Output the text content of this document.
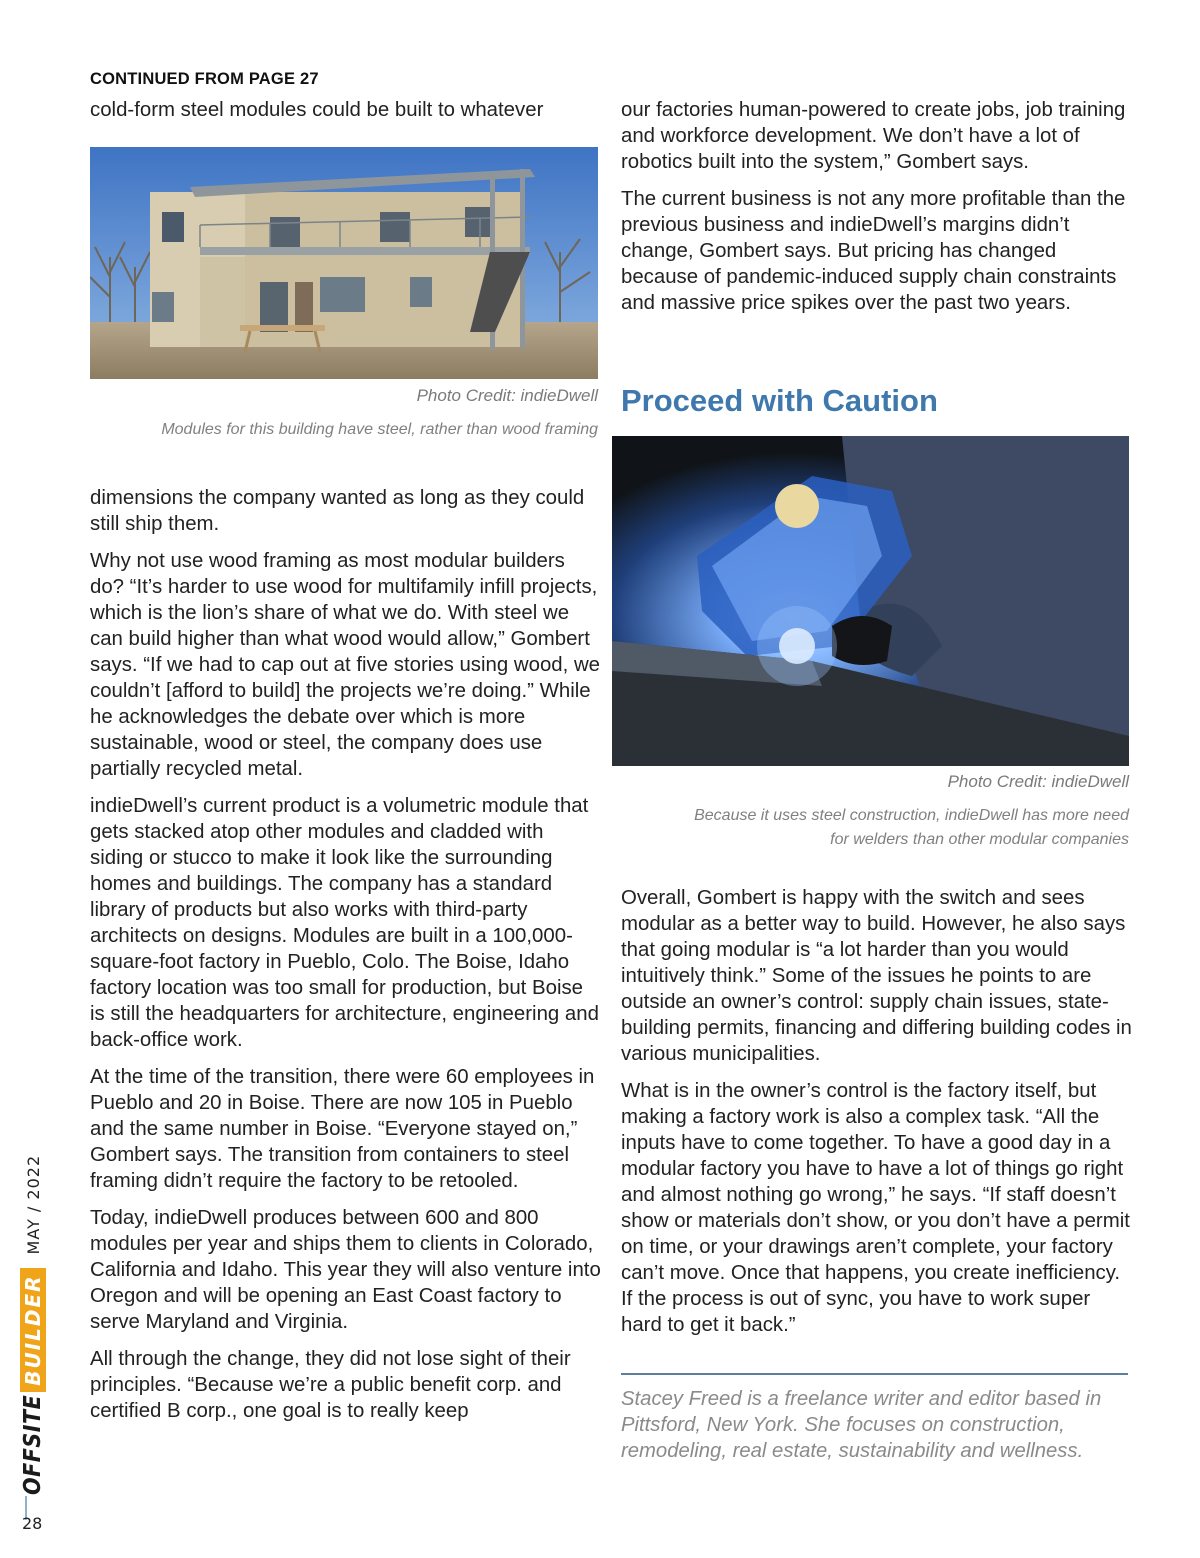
CONTINUED FROM PAGE 27

cold-form steel modules could be built to whatever

Photo Credit: indieDwell
Modules for this building have steel, rather than wood framing

dimensions the company wanted as long as they could still ship them.

Why not use wood framing as most modular builders do? “It’s harder to use wood for multifamily infill projects, which is the lion’s share of what we do. With steel we can build higher than what wood would allow,” Gombert says. “If we had to cap out at five stories using wood, we couldn’t [afford to build] the projects we’re doing.” While he acknowledges the debate over which is more sustainable, wood or steel, the company does use partially recycled metal.

indieDwell’s current product is a volumetric module that gets stacked atop other modules and cladded with siding or stucco to make it look like the surrounding homes and buildings. The company has a standard library of products but also works with third-party architects on designs. Modules are built in a 100,000-square-foot factory in Pueblo, Colo. The Boise, Idaho factory location was too small for production, but Boise is still the headquarters for architecture, engineering and back-office work.

At the time of the transition, there were 60 employees in Pueblo and 20 in Boise. There are now 105 in Pueblo and the same number in Boise. “Everyone stayed on,” Gombert says. The transition from containers to steel framing didn’t require the factory to be retooled.

Today, indieDwell produces between 600 and 800 modules per year and ships them to clients in Colorado, California and Idaho. This year they will also venture into Oregon and will be opening an East Coast factory to serve Maryland and Virginia.

All through the change, they did not lose sight of their principles. “Because we’re a public benefit corp. and certified B corp., one goal is to really keep

our factories human-powered to create jobs, job training and workforce development. We don’t have a lot of robotics built into the system,” Gombert says.

The current business is not any more profitable than the previous business and indieDwell’s margins didn’t change, Gombert says. But pricing has changed because of pandemic-induced supply chain constraints and massive price spikes over the past two years.

Proceed with Caution
Photo Credit: indieDwell
Because it uses steel construction, indieDwell has more need
for welders than other modular companies

Overall, Gombert is happy with the switch and sees modular as a better way to build. However, he also says that going modular is “a lot harder than you would intuitively think.” Some of the issues he points to are outside an owner’s control: supply chain issues, state-building permits, financing and differing building codes in various municipalities.

What is in the owner’s control is the factory itself, but making a factory work is also a complex task. “All the inputs have to come together. To have a good day in a modular factory you have to have a lot of things go right and almost nothing go wrong,” he says. “If staff doesn’t show or materials don’t show, or you don’t have a permit on time, or your drawings aren’t complete, your factory can’t move. Once that happens, you create inefficiency. If the process is out of sync, you have to work super hard to get it back.”

Stacey Freed is a freelance writer and editor based in Pittsford, New York. She focuses on construction, remodeling, real estate, sustainability and wellness.
OFFSITE
BUILDER
MAY / 2022
28
